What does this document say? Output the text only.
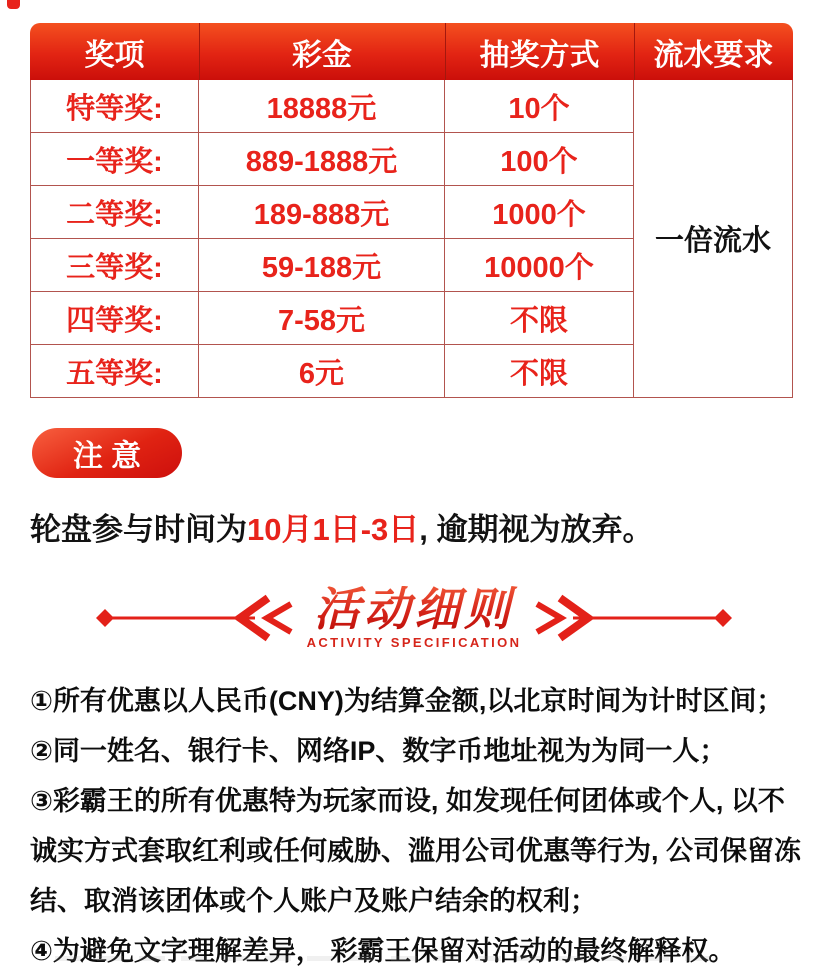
奖项	彩金	抽奖方式	流水要求
特等奖:	18888元	10个	一倍流水
一等奖:	889-1888元	100个	
二等奖:	189-888元	1000个	
三等奖:	59-188元	10000个	
四等奖:	7-58元	不限	
五等奖:	6元	不限	
注 意
轮盘参与时间为10月1日-3日, 逾期视为放弃。
活动细则
ACTIVITY SPECIFICATION

①所有优惠以人民币(CNY)为结算金额,以北京时间为计时区间；

②同一姓名、银行卡、网络IP、数字币地址视为为同一人；

③彩霸王的所有优惠特为玩家而设, 如发现任何团体或个人, 以不诚实方式套取红利或任何威胁、滥用公司优惠等行为, 公司保留冻结、取消该团体或个人账户及账户结余的权利；

④为避免文字理解差异， 彩霸王保留对活动的最终解释权。
